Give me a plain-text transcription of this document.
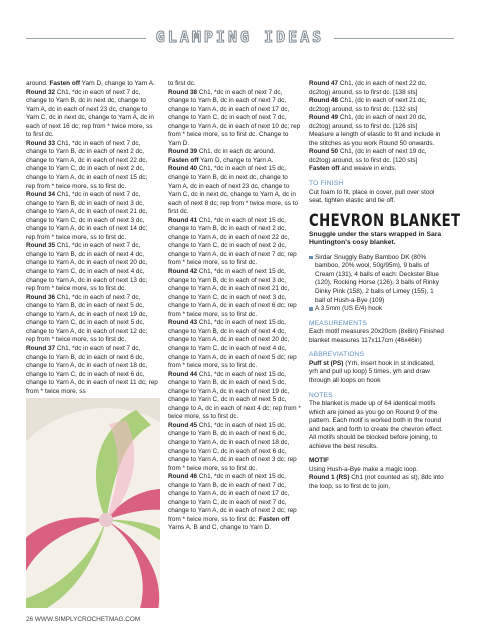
GLAMPING IDEAS

around. Fasten off Yarn D, change to Yarn A.

Round 32 Ch1, *dc in each of next 7 dc, change to Yarn B, dc in next dc, change to Yarn A, dc in each of next 23 dc, change to Yarn C, dc in next dc, change to Yarn A, dc in each of next 16 dc; rep from * twice more, ss to first dc.

Round 33 Ch1, *dc in each of next 7 dc, change to Yarn B, dc in each of next 2 dc, change to Yarn A, dc in each of next 22 dc, change to Yarn C, dc in each of next 2 dc, change to Yarn A, dc in each of next 15 dc; rep from * twice more, ss to first dc.

Round 34 Ch1, *dc in each of next 7 dc, change to Yarn B, dc in each of next 3 dc, change to Yarn A, dc in each of next 21 dc, change to Yarn C, dc in each of next 3 dc, change to Yarn A, dc in each of next 14 dc; rep from * twice more, ss to first dc.

Round 35 Ch1, *dc in each of next 7 dc, change to Yarn B, dc in each of next 4 dc, change to Yarn A, dc in each of next 20 dc, change to Yarn C, dc in each of next 4 dc, change to Yarn A, dc in each of next 13 dc; rep from * twice more, ss to first dc.

Round 36 Ch1, *dc in each of next 7 dc, change to Yarn B, dc in each of next 5 dc, change to Yarn A, dc in each of next 19 dc, change to Yarn C, dc in each of next 5 dc, change to Yarn A, dc in each of next 12 dc; rep from * twice more, ss to first dc.

Round 37 Ch1, *dc in each of next 7 dc, change to Yarn B, dc in each of next 6 dc, change to Yarn A, dc in each of next 18 dc, change to Yarn C, dc in each of next 6 dc, change to Yarn A, dc in each of next 11 dc; rep from * twice more, ss

to first dc.

Round 38 Ch1, *dc in each of next 7 dc, change to Yarn B, dc in each of next 7 dc, change to Yarn A, dc in each of next 17 dc, change to Yarn C, dc in each of next 7 dc, change to Yarn A, dc in each of next 10 dc; rep from * twice more, ss to first dc. Change to Yarn D.

Round 39 Ch1, dc in each dc around.

Fasten off Yarn D, change to Yarn A.

Round 40 Ch1, *dc in each of next 15 dc, change to Yarn B, dc in next dc, change to Yarn A, dc in each of next 23 dc, change to Yarn C, dc in next dc, change to Yarn A, dc in each of next 8 dc; rep from * twice more, ss to first dc.

Round 41 Ch1, *dc in each of next 15 dc, change to Yarn B, dc in each of next 2 dc, change to Yarn A, dc in each of next 22 dc, change to Yarn C, dc in each of next 2 dc, change to Yarn A, dc in each of next 7 dc; rep from * twice more, ss to first dc.

Round 42 Ch1, *dc in each of next 15 dc, change to Yarn B, dc in each of next 3 dc, change to Yarn A, dc in each of next 21 dc, change to Yarn C, dc in each of next 3 dc, change to Yarn A, dc in each of next 6 dc; rep from * twice more, ss to first dc.

Round 43 Ch1, *dc in each of next 15 dc, change to Yarn B, dc in each of next 4 dc, change to Yarn A, dc in each of next 20 dc, change to Yarn C, dc in each of next 4 dc, change to Yarn A, dc in each of next 5 dc; rep from * twice more, ss to first dc.

Round 44 Ch1, *dc in each of next 15 dc, change to Yarn B, dc in each of next 5 dc, change to Yarn A, dc in each of next 19 dc, change to Yarn C, dc in each of next 5 dc, change to A, dc in each of next 4 dc; rep from * twice more, ss to first dc.

Round 45 Ch1, *dc in each of next 15 dc, change to Yarn B, dc in each of next 6 dc, change to Yarn A, dc in each of next 18 dc, change to Yarn C, dc in each of next 6 dc, change to Yarn A, dc in each of next 3 dc; rep from * twice more, ss to first dc.

Round 46 Ch1, *dc in each of next 15 dc, change to Yarn B, dc in each of next 7 dc, change to Yarn A, dc in each of next 17 dc, change to Yarn C, dc in each of next 7 dc, change to Yarn A, dc in each of next 2 dc; rep from * twice more, ss to first dc. Fasten off Yarns A, B and C, change to Yarn D.

Round 47 Ch1, (dc in each of next 22 dc, dc2tog) around, ss to first dc. [138 sts]

Round 48 Ch1, (dc in each of next 21 dc, dc2tog) around, ss to first dc. [132 sts]

Round 49 Ch1, (dc in each of next 20 dc, dc2tog) around, ss to first dc. [126 sts]

Measure a length of elastic to fit and include in the stitches as you work Round 50 onwards.

Round 50 Ch1, (dc in each of next 19 dc, dc2tog) around, ss to first dc. [120 sts]

Fasten off and weave in ends.

TO FINISH

Cut foam to fit, place in cover, pull over stool seat, tighten elastic and tie off.

CHEVRON BLANKET

Snuggle under the stars wrapped in Sara Huntington's cosy blanket.

Sirdar Snuggly Baby Bamboo DK (80% bamboo, 20% wool, 50g/95m), 9 balls of Cream (131), 4 balls of each: Deckster Blue (120), Rocking Horse (126), 3 balls of Rinky Dinky Pink (158), 2 balls of Limey (155), 1 ball of Hush-a-Bye (109)

A 3.5mm (US E/4) hook

MEASUREMENTS

Each motif measures 20x20cm (8x8in) Finished blanket measures 117x117cm (46x46in)

ABBREVIATIONS

Puff st (PS) (Yrh, insert hook in st indicated, yrh and pull up loop) 5 times, yrh and draw through all loops on hook

NOTES

The blanket is made up of 64 identical motifs which are joined as you go on Round 9 of the pattern. Each motif is worked both in the round and back and forth to create the chevron effect.

All motifs should be blocked before joining, to achieve the best results.

MOTIF

Using Hush-a-Bye make a magic loop.

Round 1 (RS) Ch1 (not counted as st), 8dc into the loop, ss to first dc to join,

26 WWW.SIMPLYCROCHETMAG.COM
